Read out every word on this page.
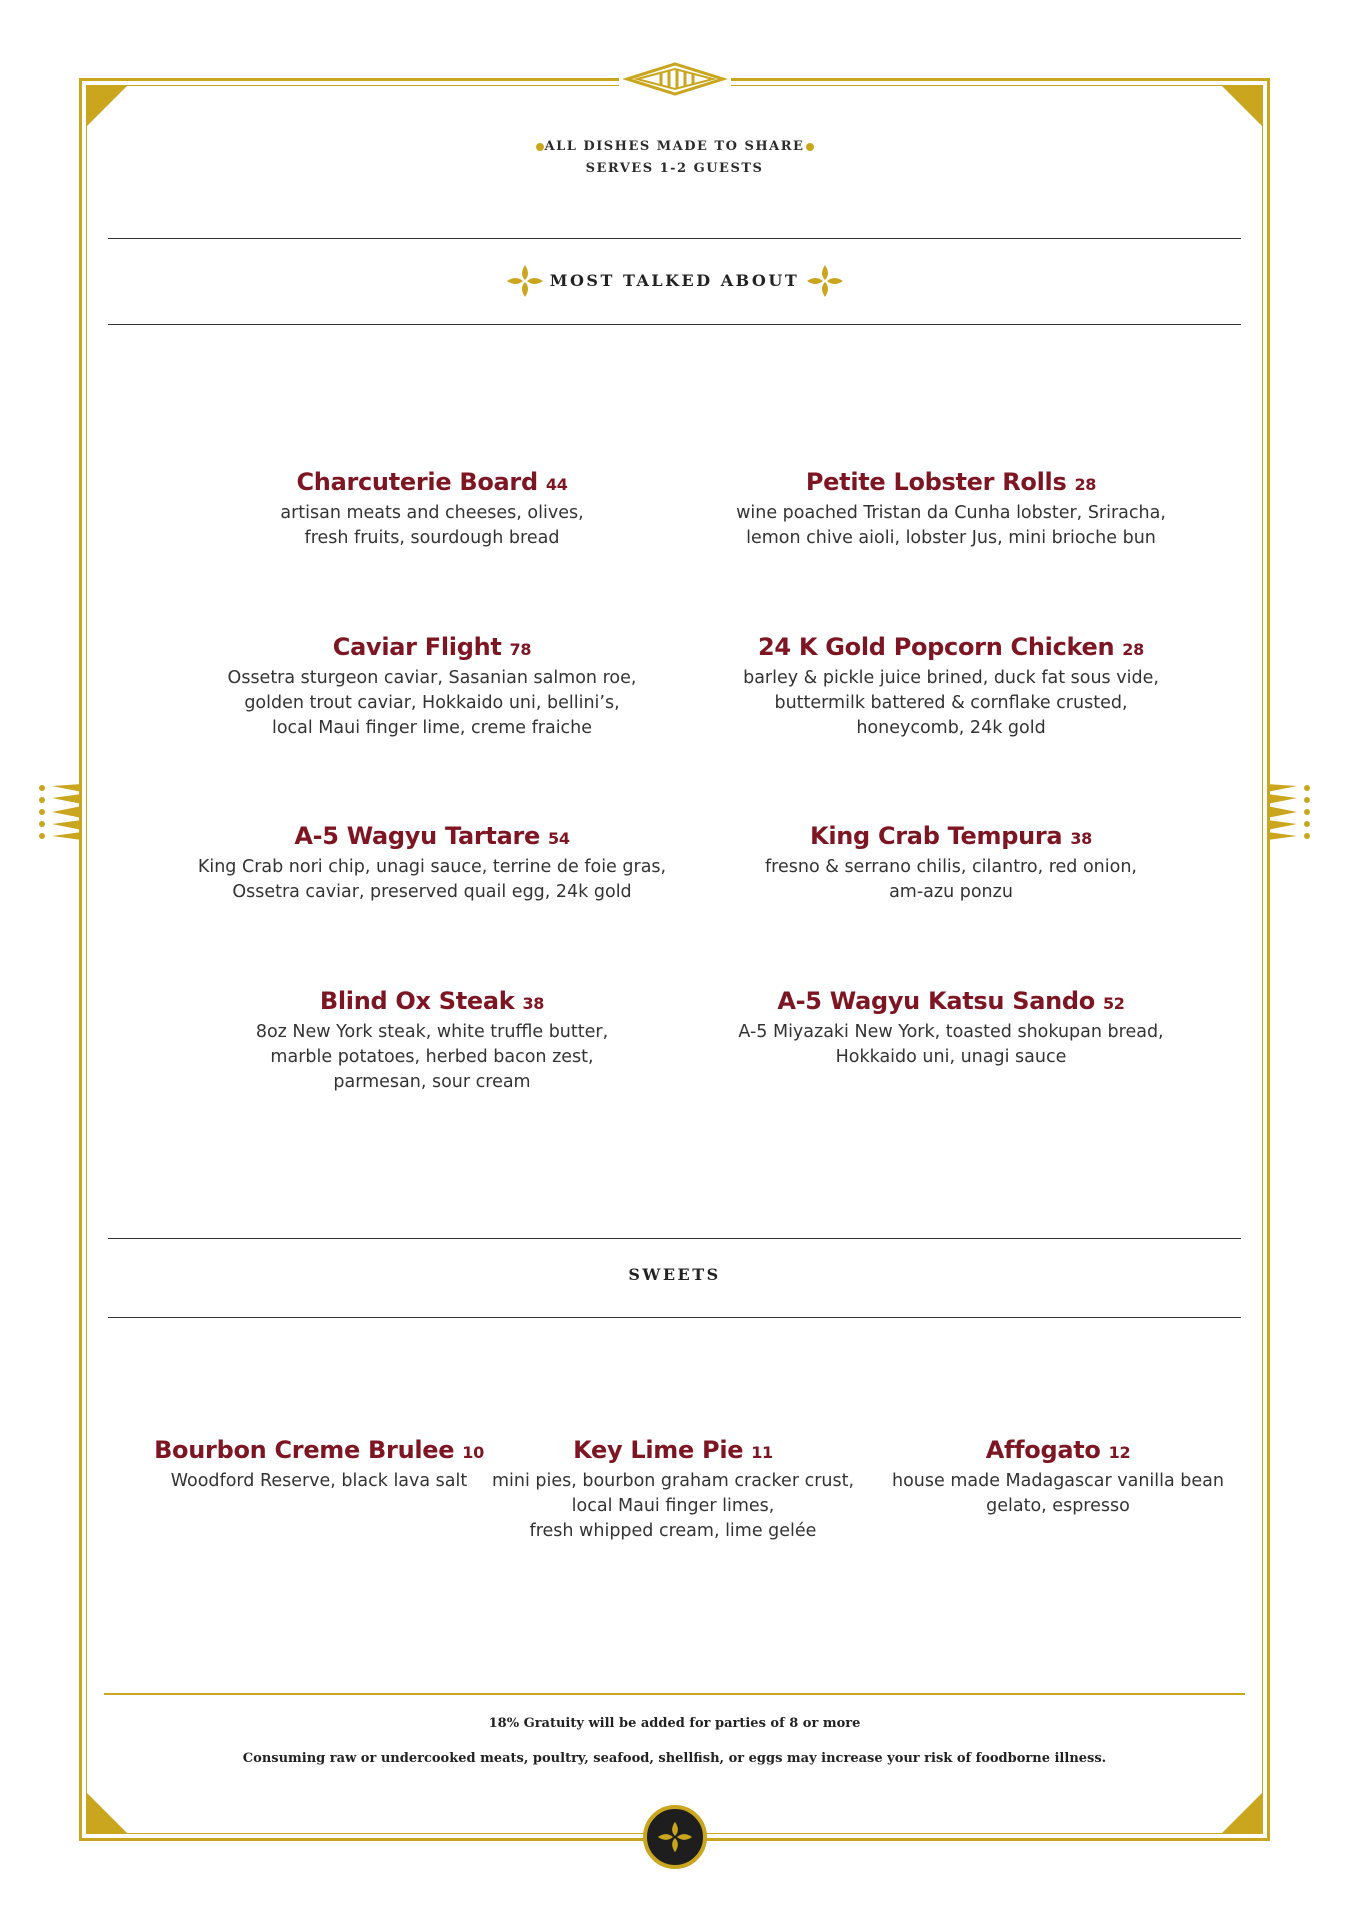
ALL DISHES MADE TO SHARE
SERVES 1-2 GUESTS
MOST TALKED ABOUT
Charcuterie Board 44
artisan meats and cheeses, olives,
fresh fruits, sourdough bread
Petite Lobster Rolls 28
wine poached Tristan da Cunha lobster, Sriracha,
lemon chive aioli, lobster Jus, mini brioche bun
Caviar Flight 78
Ossetra sturgeon caviar, Sasanian salmon roe,
golden trout caviar, Hokkaido uni, bellini’s,
local Maui finger lime, creme fraiche
24 K Gold Popcorn Chicken 28
barley & pickle juice brined, duck fat sous vide,
buttermilk battered & cornflake crusted,
honeycomb, 24k gold
A-5 Wagyu Tartare 54
King Crab nori chip, unagi sauce, terrine de foie gras,
Ossetra caviar, preserved quail egg, 24k gold
King Crab Tempura 38
fresno & serrano chilis, cilantro, red onion,
am-azu ponzu
Blind Ox Steak 38
8oz New York steak, white truffle butter,
marble potatoes, herbed bacon zest,
parmesan, sour cream
A-5 Wagyu Katsu Sando 52
A-5 Miyazaki New York, toasted shokupan bread,
Hokkaido uni, unagi sauce
SWEETS
Bourbon Creme Brulee 10
Woodford Reserve, black lava salt
Key Lime Pie 11
mini pies, bourbon graham cracker crust,
local Maui finger limes,
fresh whipped cream, lime gelée
Affogato 12
house made Madagascar vanilla bean
gelato, espresso
18% Gratuity will be added for parties of 8 or more
Consuming raw or undercooked meats, poultry, seafood, shellfish, or eggs may increase your risk of foodborne illness.
